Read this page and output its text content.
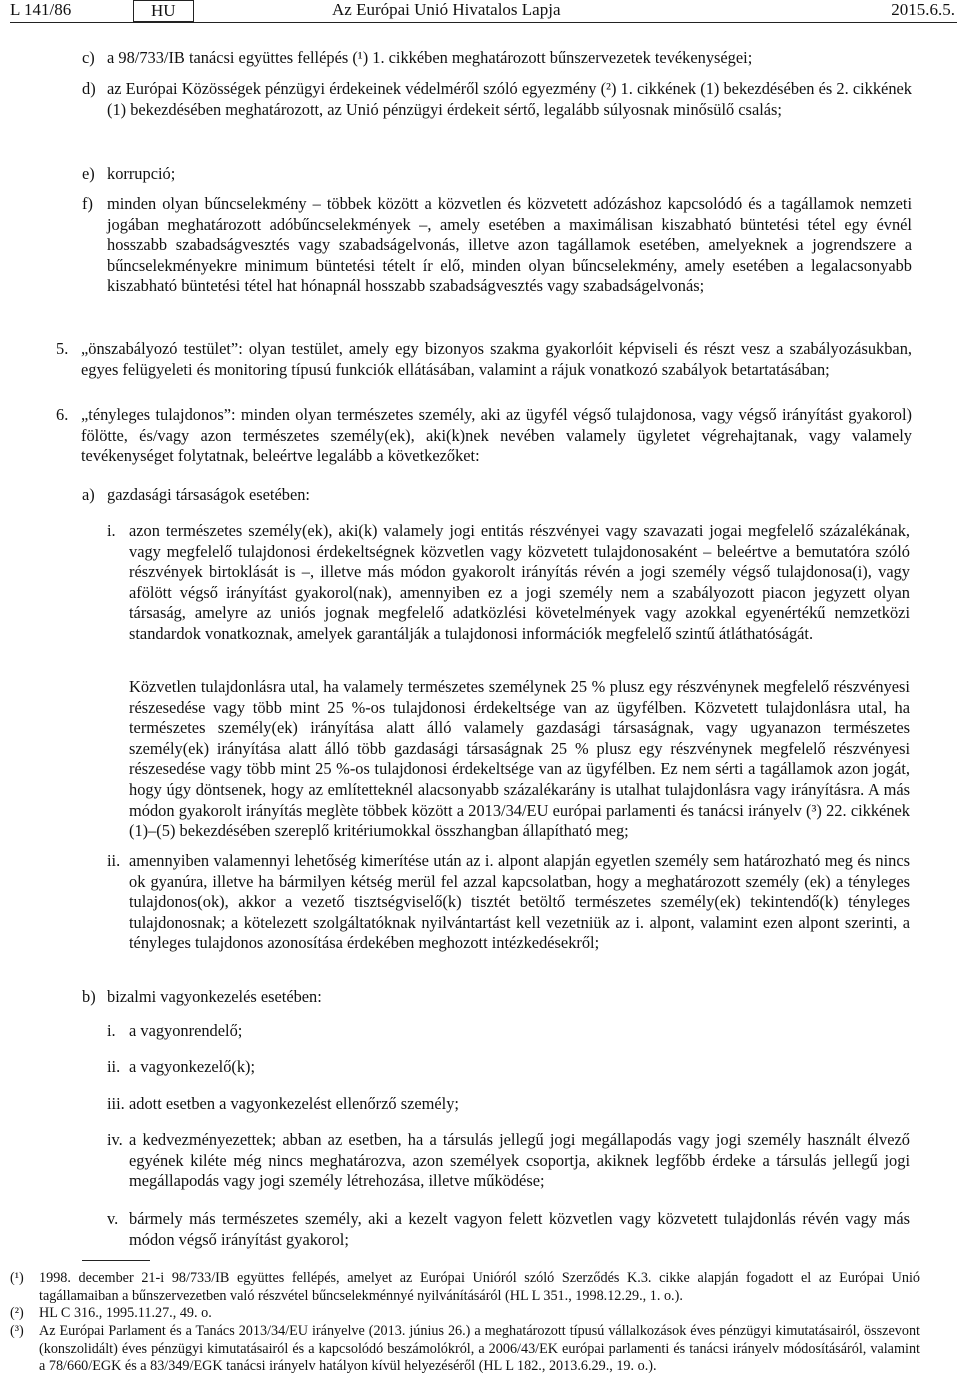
L 141/86	HU	Az Európai Unió Hivatalos Lapja	2015.6.5.
c) a 98/733/IB tanácsi együttes fellépés (¹) 1. cikkében meghatározott bűnszervezetek tevékenységei;
d) az Európai Közösségek pénzügyi érdekeinek védelméről szóló egyezmény (²) 1. cikkének (1) bekezdésében és 2. cikkének (1) bekezdésében meghatározott, az Unió pénzügyi érdekeit sértő, legalább súlyosnak minősülő csalás;
e) korrupció;
f) minden olyan bűncselekmény – többek között a közvetlen és közvetett adózáshoz kapcsolódó és a tagállamok nemzeti jogában meghatározott adóbűncselekmények –, amely esetében a maximálisan kiszabható büntetési tétel egy évnél hosszabb szabadságvesztés vagy szabadságelvonás, illetve azon tagállamok esetében, amelyeknek a jogrendszere a bűncselekményekre minimum büntetési tételt ír elő, minden olyan bűncselekmény, amely esetében a legalacsonyabb kiszabható büntetési tétel hat hónapnál hosszabb szabadságvesztés vagy szabadságelvonás;
5. „önszabályozó testület”: olyan testület, amely egy bizonyos szakma gyakorlóit képviseli és részt vesz a szabályozásukban, egyes felügyeleti és monitoring típusú funkciók ellátásában, valamint a rájuk vonatkozó szabályok betartatásában;
6. „tényleges tulajdonos”: minden olyan természetes személy, aki az ügyfél végső tulajdonosa, vagy végső irányítást gyakorol) fölötte, és/vagy azon természetes személy(ek), aki(k)nek nevében valamely ügyletet végrehajtanak, vagy valamely tevékenységet folytatnak, beleértve legalább a következőket:
a) gazdasági társaságok esetében:
i. azon természetes személy(ek), aki(k) valamely jogi entitás részvényei vagy szavazati jogai megfelelő százalékának, vagy megfelelő tulajdonosi érdekeltségnek közvetlen vagy közvetett tulajdonosaként – beleértve a bemutatóra szóló részvények birtoklását is –, illetve más módon gyakorolt irányítás révén a jogi személy végső tulajdonosa(i), vagy afölött végső irányítást gyakorol(nak), amennyiben ez a jogi személy nem a szabályozott piacon jegyzett olyan társaság, amelyre az uniós jognak megfelelő adatközlési követelmények vagy azokkal egyenértékű nemzetközi standardok vonatkoznak, amelyek garantálják a tulajdonosi információk megfelelő szintű átláthatóságát.
Közvetlen tulajdonlásra utal, ha valamely természetes személynek 25 % plusz egy részvénynek megfelelő részvényesi részesedése vagy több mint 25 %-os tulajdonosi érdekeltsége van az ügyfélben. Közvetett tulajdonlásra utal, ha természetes személy(ek) irányítása alatt álló valamely gazdasági társaságnak, vagy ugyanazon természetes személy(ek) irányítása alatt álló több gazdasági társaságnak 25 % plusz egy részvénynek megfelelő részvényesi részesedése vagy több mint 25 %-os tulajdonosi érdekeltsége van az ügyfélben. Ez nem sérti a tagállamok azon jogát, hogy úgy döntsenek, hogy az említetteknél alacsonyabb százalékarány is utalhat tulajdonlásra vagy irányításra. A más módon gyakorolt irányítás meglète többek között a 2013/34/EU európai parlamenti és tanácsi irányelv (³) 22. cikkének (1)–(5) bekezdésében szereplő kritériumokkal összhangban állapítható meg;
ii. amennyiben valamennyi lehetőség kimerítése után az i. alpont alapján egyetlen személy sem határozható meg és nincs ok gyanúra, illetve ha bármilyen kétség merül fel azzal kapcsolatban, hogy a meghatározott személy (ek) a tényleges tulajdonos(ok), akkor a vezető tisztségviselő(k) tisztét betöltő természetes személy(ek) tekintendő(k) tényleges tulajdonosnak; a kötelezett szolgáltatóknak nyilvántartást kell vezetniük az i. alpont, valamint ezen alpont szerinti, a tényleges tulajdonos azonosítása érdekében meghozott intézkedésekről;
b) bizalmi vagyonkezelés esetében:
i. a vagyonrendelő;
ii. a vagyonkezelő(k);
iii. adott esetben a vagyonkezelést ellenőrző személy;
iv. a kedvezményezettek; abban az esetben, ha a társulás jellegű jogi megállapodás vagy jogi személy használt élvező egyének kiléte még nincs meghatározva, azon személyek csoportja, akiknek legfőbb érdeke a társulás jellegű jogi megállapodás vagy jogi személy létrehozása, illetve működése;
v. bármely más természetes személy, aki a kezelt vagyon felett közvetlen vagy közvetett tulajdonlás révén vagy más módon végső irányítást gyakorol;
(¹) 1998. december 21-i 98/733/IB együttes fellépés, amelyet az Európai Unióról szóló Szerződés K.3. cikke alapján fogadott el az Európai Unió tagállamaiban a bűnszervezetben való részvétel bűncselekménnyé nyilvánításáról (HL L 351., 1998.12.29., 1. o.).
(²) HL C 316., 1995.11.27., 49. o.
(³) Az Európai Parlament és a Tanács 2013/34/EU irányelve (2013. június 26.) a meghatározott típusú vállalkozások éves pénzügyi kimutatásairól, összevont (konszolidált) éves pénzügyi kimutatásairól és a kapcsolódó beszámolókról, a 2006/43/EK európai parlamenti és tanácsi irányelv módosításáról, valamint a 78/660/EGK és a 83/349/EGK tanácsi irányelv hatályon kívül helyezéséről (HL L 182., 2013.6.29., 19. o.).
